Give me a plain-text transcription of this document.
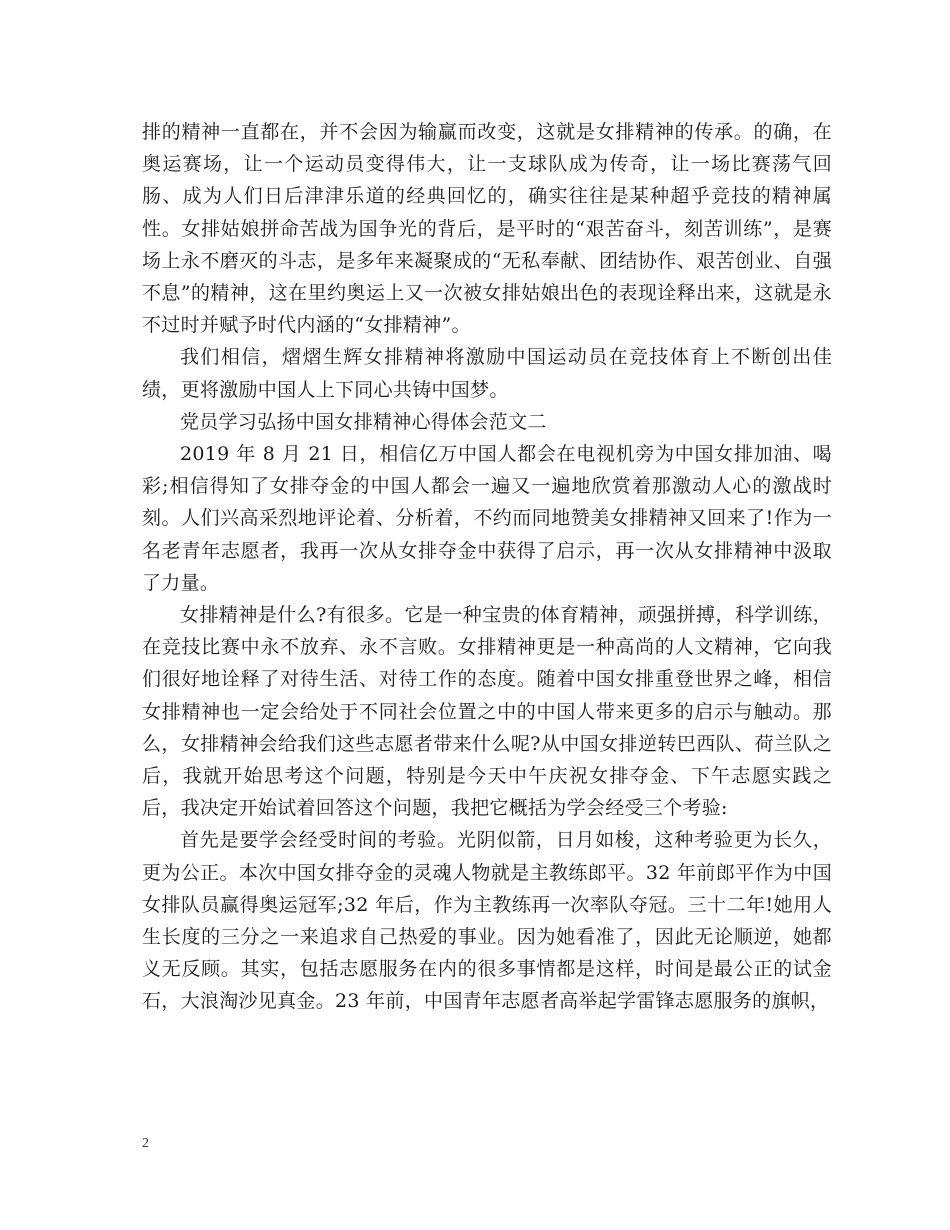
排的精神一直都在，并不会因为输赢而改变，这就是女排精神的传承。的确，在奥运赛场，让一个运动员变得伟大，让一支球队成为传奇，让一场比赛荡气回肠、成为人们日后津津乐道的经典回忆的，确实往往是某种超乎竞技的精神属性。女排姑娘拼命苦战为国争光的背后，是平时的“艰苦奋斗，刻苦训练”，是赛场上永不磨灭的斗志，是多年来凝聚成的“无私奉献、团结协作、艰苦创业、自强不息”的精神，这在里约奥运上又一次被女排姑娘出色的表现诠释出来，这就是永不过时并赋予时代内涵的“女排精神”。

我们相信，熠熠生辉女排精神将激励中国运动员在竞技体育上不断创出佳绩，更将激励中国人上下同心共铸中国梦。

党员学习弘扬中国女排精神心得体会范文二

2019 年 8 月 21 日，相信亿万中国人都会在电视机旁为中国女排加油、喝彩;相信得知了女排夺金的中国人都会一遍又一遍地欣赏着那激动人心的激战时刻。人们兴高采烈地评论着、分析着，不约而同地赞美女排精神又回来了!作为一名老青年志愿者，我再一次从女排夺金中获得了启示，再一次从女排精神中汲取了力量。

女排精神是什么?有很多。它是一种宝贵的体育精神，顽强拼搏，科学训练，在竞技比赛中永不放弃、永不言败。女排精神更是一种高尚的人文精神，它向我们很好地诠释了对待生活、对待工作的态度。随着中国女排重登世界之峰，相信女排精神也一定会给处于不同社会位置之中的中国人带来更多的启示与触动。那么，女排精神会给我们这些志愿者带来什么呢?从中国女排逆转巴西队、荷兰队之后，我就开始思考这个问题，特别是今天中午庆祝女排夺金、下午志愿实践之后，我决定开始试着回答这个问题，我把它概括为学会经受三个考验:

首先是要学会经受时间的考验。光阴似箭，日月如梭，这种考验更为长久，更为公正。本次中国女排夺金的灵魂人物就是主教练郎平。32 年前郎平作为中国女排队员赢得奥运冠军;32 年后，作为主教练再一次率队夺冠。三十二年!她用人生长度的三分之一来追求自己热爱的事业。因为她看准了，因此无论顺逆，她都义无反顾。其实，包括志愿服务在内的很多事情都是这样，时间是最公正的试金石，大浪淘沙见真金。23 年前，中国青年志愿者高举起学雷锋志愿服务的旗帜，

2
